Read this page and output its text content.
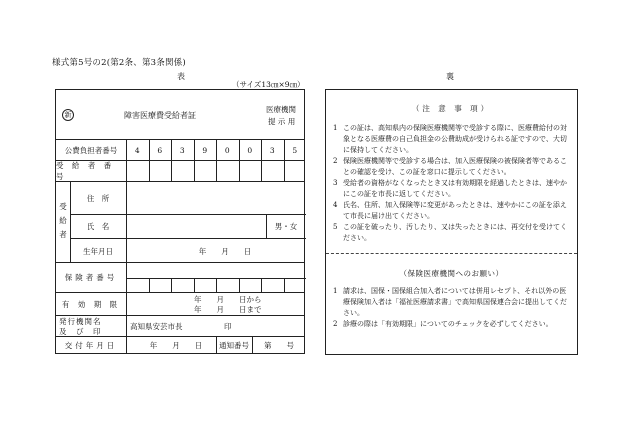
様式第5号の2(第2条、第3条関係)
表	裏
（サイズ13㎝×9㎝）
新	障害医療費受給者証
医療機関
提 示 用
公費負担者番号	4	6	3	9	0	0	3	5
受 給 者 番 号
受給者
住　所
氏　名	男・女
生年月日	年　　月　　日
保険者番号
有 効 期 限	年　　月　　日から
年　　月　　日まで
発行機関名
及　び　印	高知県安芸市長	印
交付年月日	年　　月　　日	通知番号	第　　号
（注 意 事 項）
1 この証は、高知県内の保険医療機関等で受診する際に、医療費給付の対象となる医療費の自己負担金の公費助成が受けられる証ですので、大切に保持してください。
2 保険医療機関等で受診する場合は、加入医療保険の被保険者等であることの確認を受け、この証を窓口に提示してください。
3 受給者の資格がなくなったとき又は有効期限を経過したときは、速やかにこの証を市長に返してください。
4 氏名、住所、加入保険等に変更があったときは、速やかにこの証を添えて市長に届け出てください。
5 この証を破ったり、汚したり、又は失ったときには、再交付を受けてください。
（保険医療機関へのお願い）
1 請求は、国保・国保組合加入者については併用レセプト、それ以外の医療保険加入者は「福祉医療請求書」で高知県国保連合会に提出してください。
2 診療の際は「有効期限」についてのチェックを必ずしてください。
